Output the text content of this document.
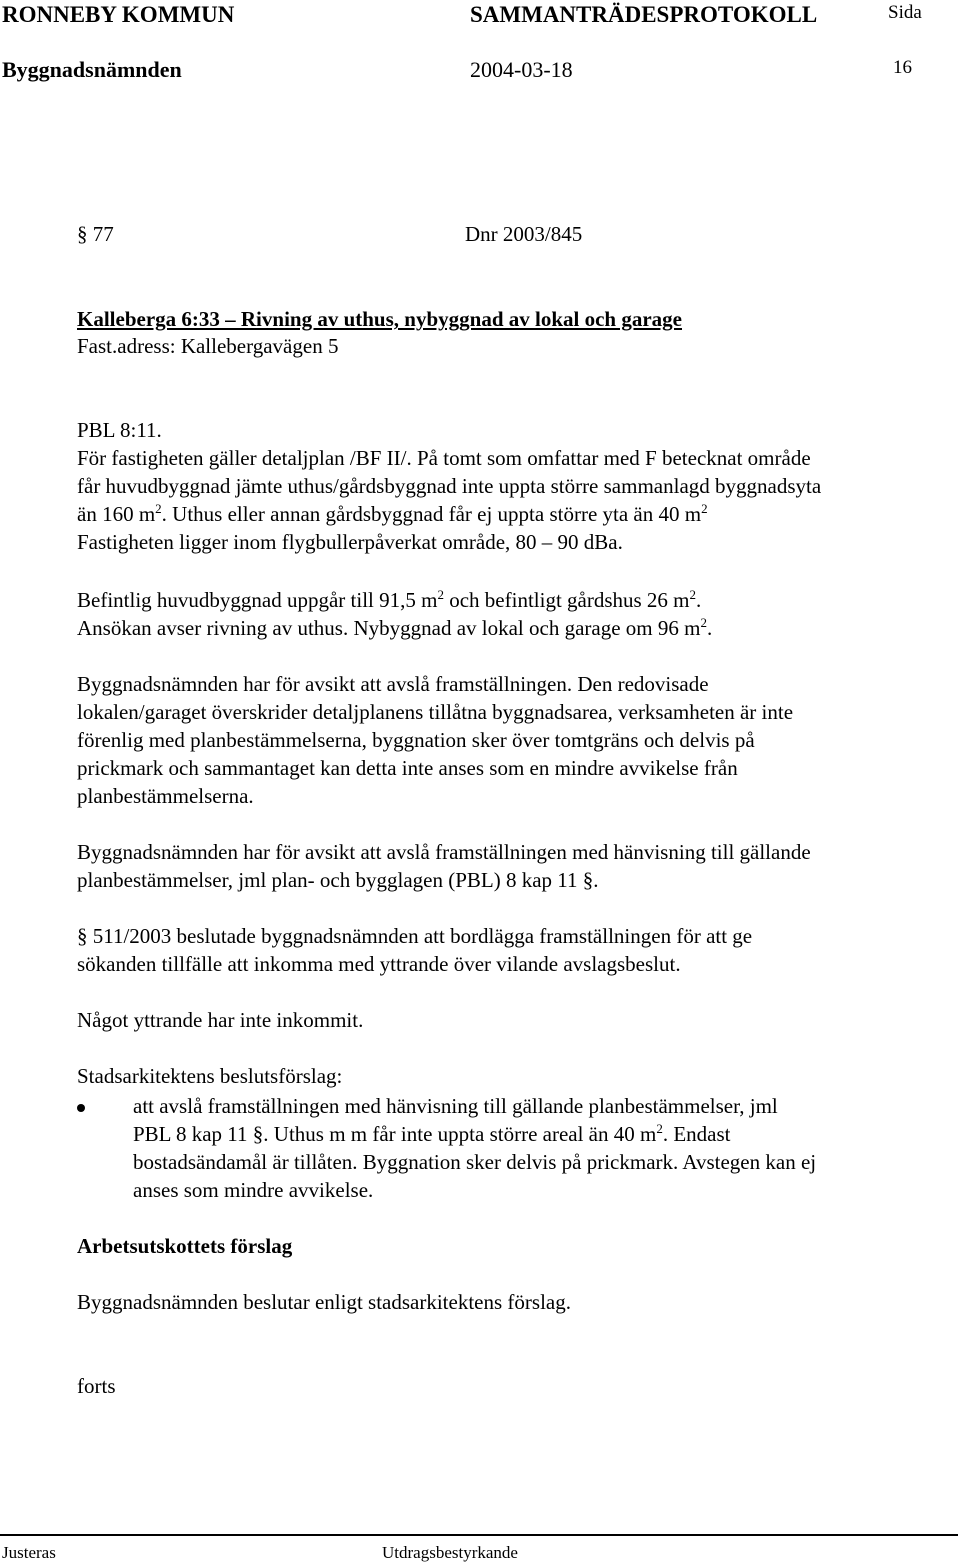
RONNEBY KOMMUN	SAMMANTRÄDESPROTOKOLL	Sida
Byggnadsnämnden	2004-03-18	16
§ 77	Dnr 2003/845
Kalleberga 6:33 – Rivning av uthus, nybyggnad av lokal och garage
Fast.adress: Kallebergavägen 5
PBL 8:11.
För fastigheten gäller detaljplan /BF II/. På tomt som omfattar med F betecknat område
får huvudbyggnad jämte uthus/gårdsbyggnad inte uppta större sammanlagd byggnadsyta
än 160 $m^2$. Uthus eller annan gårdsbyggnad får ej uppta större yta än 40 $m^2$
Fastigheten ligger inom flygbullerpåverkat område, 80 – 90 dBa.
Befintlig huvudbyggnad uppgår till 91,5 $m^2$ och befintligt gårdshus 26 $m^2$.
Ansökan avser rivning av uthus. Nybyggnad av lokal och garage om 96 $m^2$.
Byggnadsnämnden har för avsikt att avslå framställningen. Den redovisade
lokalen/garaget överskrider detaljplanens tillåtna byggnadsarea, verksamheten är inte
förenlig med planbestämmelserna, byggnation sker över tomtgräns och delvis på
prickmark och sammantaget kan detta inte anses som en mindre avvikelse från
planbestämmelserna.
Byggnadsnämnden har för avsikt att avslå framställningen med hänvisning till gällande
planbestämmelser, jml plan- och bygglagen (PBL) 8 kap 11 §.
§ 511/2003 beslutade byggnadsnämnden att bordlägga framställningen för att ge
sökanden tillfälle att inkomma med yttrande över vilande avslagsbeslut.
Något yttrande har inte inkommit.
Stadsarkitektens beslutsförslag:
att avslå framställningen med hänvisning till gällande planbestämmelser, jml
PBL 8 kap 11 §. Uthus m m får inte uppta större areal än 40 $m^2$. Endast
bostadsändamål är tillåten. Byggnation sker delvis på prickmark. Avstegen kan ej
anses som mindre avvikelse.
Arbetsutskottets förslag
Byggnadsnämnden beslutar enligt stadsarkitektens förslag.
forts
Justeras	Utdragsbestyrkande
